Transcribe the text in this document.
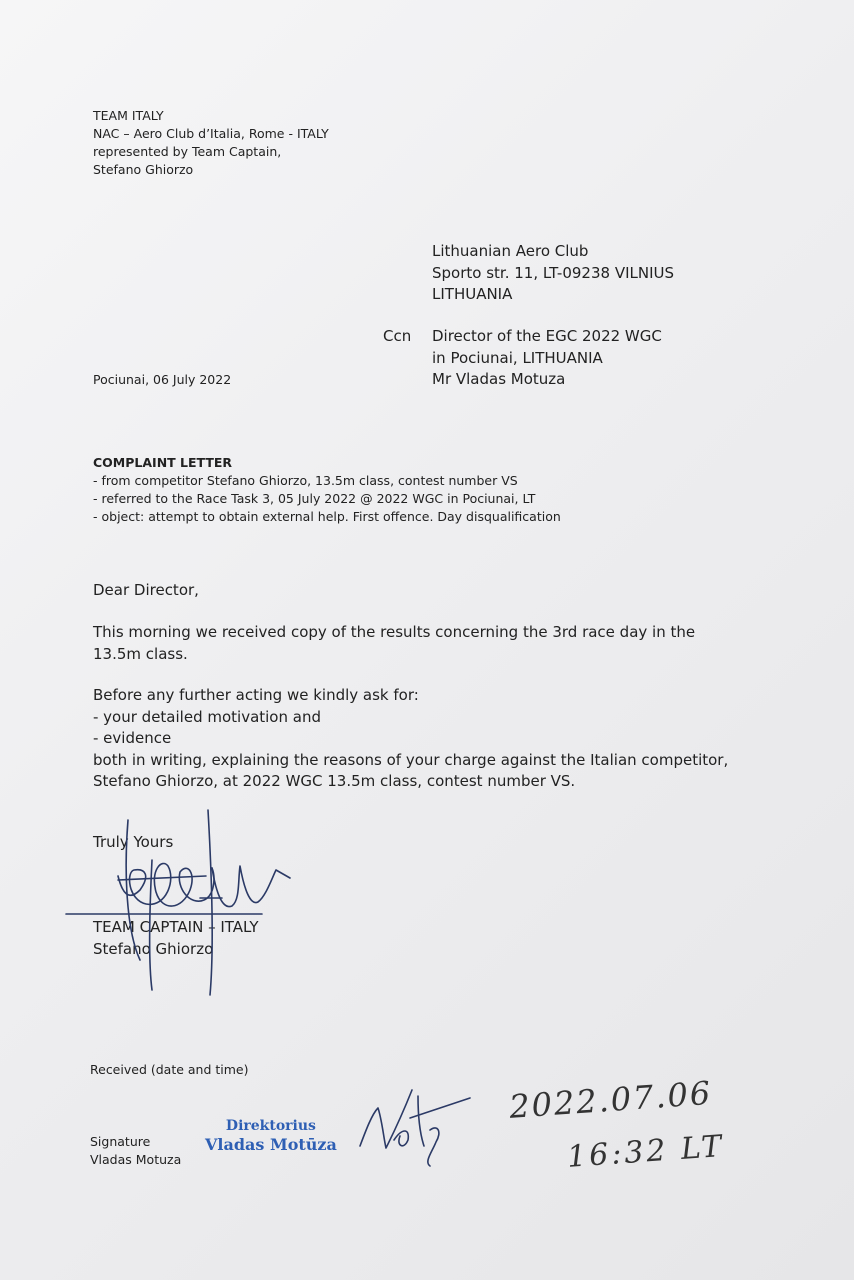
TEAM ITALY
NAC – Aero Club d’Italia, Rome - ITALY
represented by Team Captain,
Stefano Ghiorzo
Lithuanian Aero Club
Sporto str. 11, LT-09238 VILNIUS
LITHUANIA
Ccn Director of the EGC 2022 WGC
in Pociunai, LITHUANIA
Mr Vladas Motuza
Pociunai, 06 July 2022
COMPLAINT LETTER
- from competitor Stefano Ghiorzo, 13.5m class, contest number VS
- referred to the Race Task 3, 05 July 2022 @ 2022 WGC in Pociunai, LT
- object: attempt to obtain external help. First offence. Day disqualification
Dear Director,
This morning we received copy of the results concerning the 3rd race day in the 13.5m class.
Before any further acting we kindly ask for:
- your detailed motivation and
- evidence
both in writing, explaining the reasons of your charge against the Italian competitor, Stefano Ghiorzo, at 2022 WGC 13.5m class, contest number VS.
Truly Yours
TEAM CAPTAIN – ITALY
Stefano Ghiorzo
Received (date and time)
Signature
Vladas Motuza
Direktorius
Vladas Motūza
2022.07.06
16:32 LT
